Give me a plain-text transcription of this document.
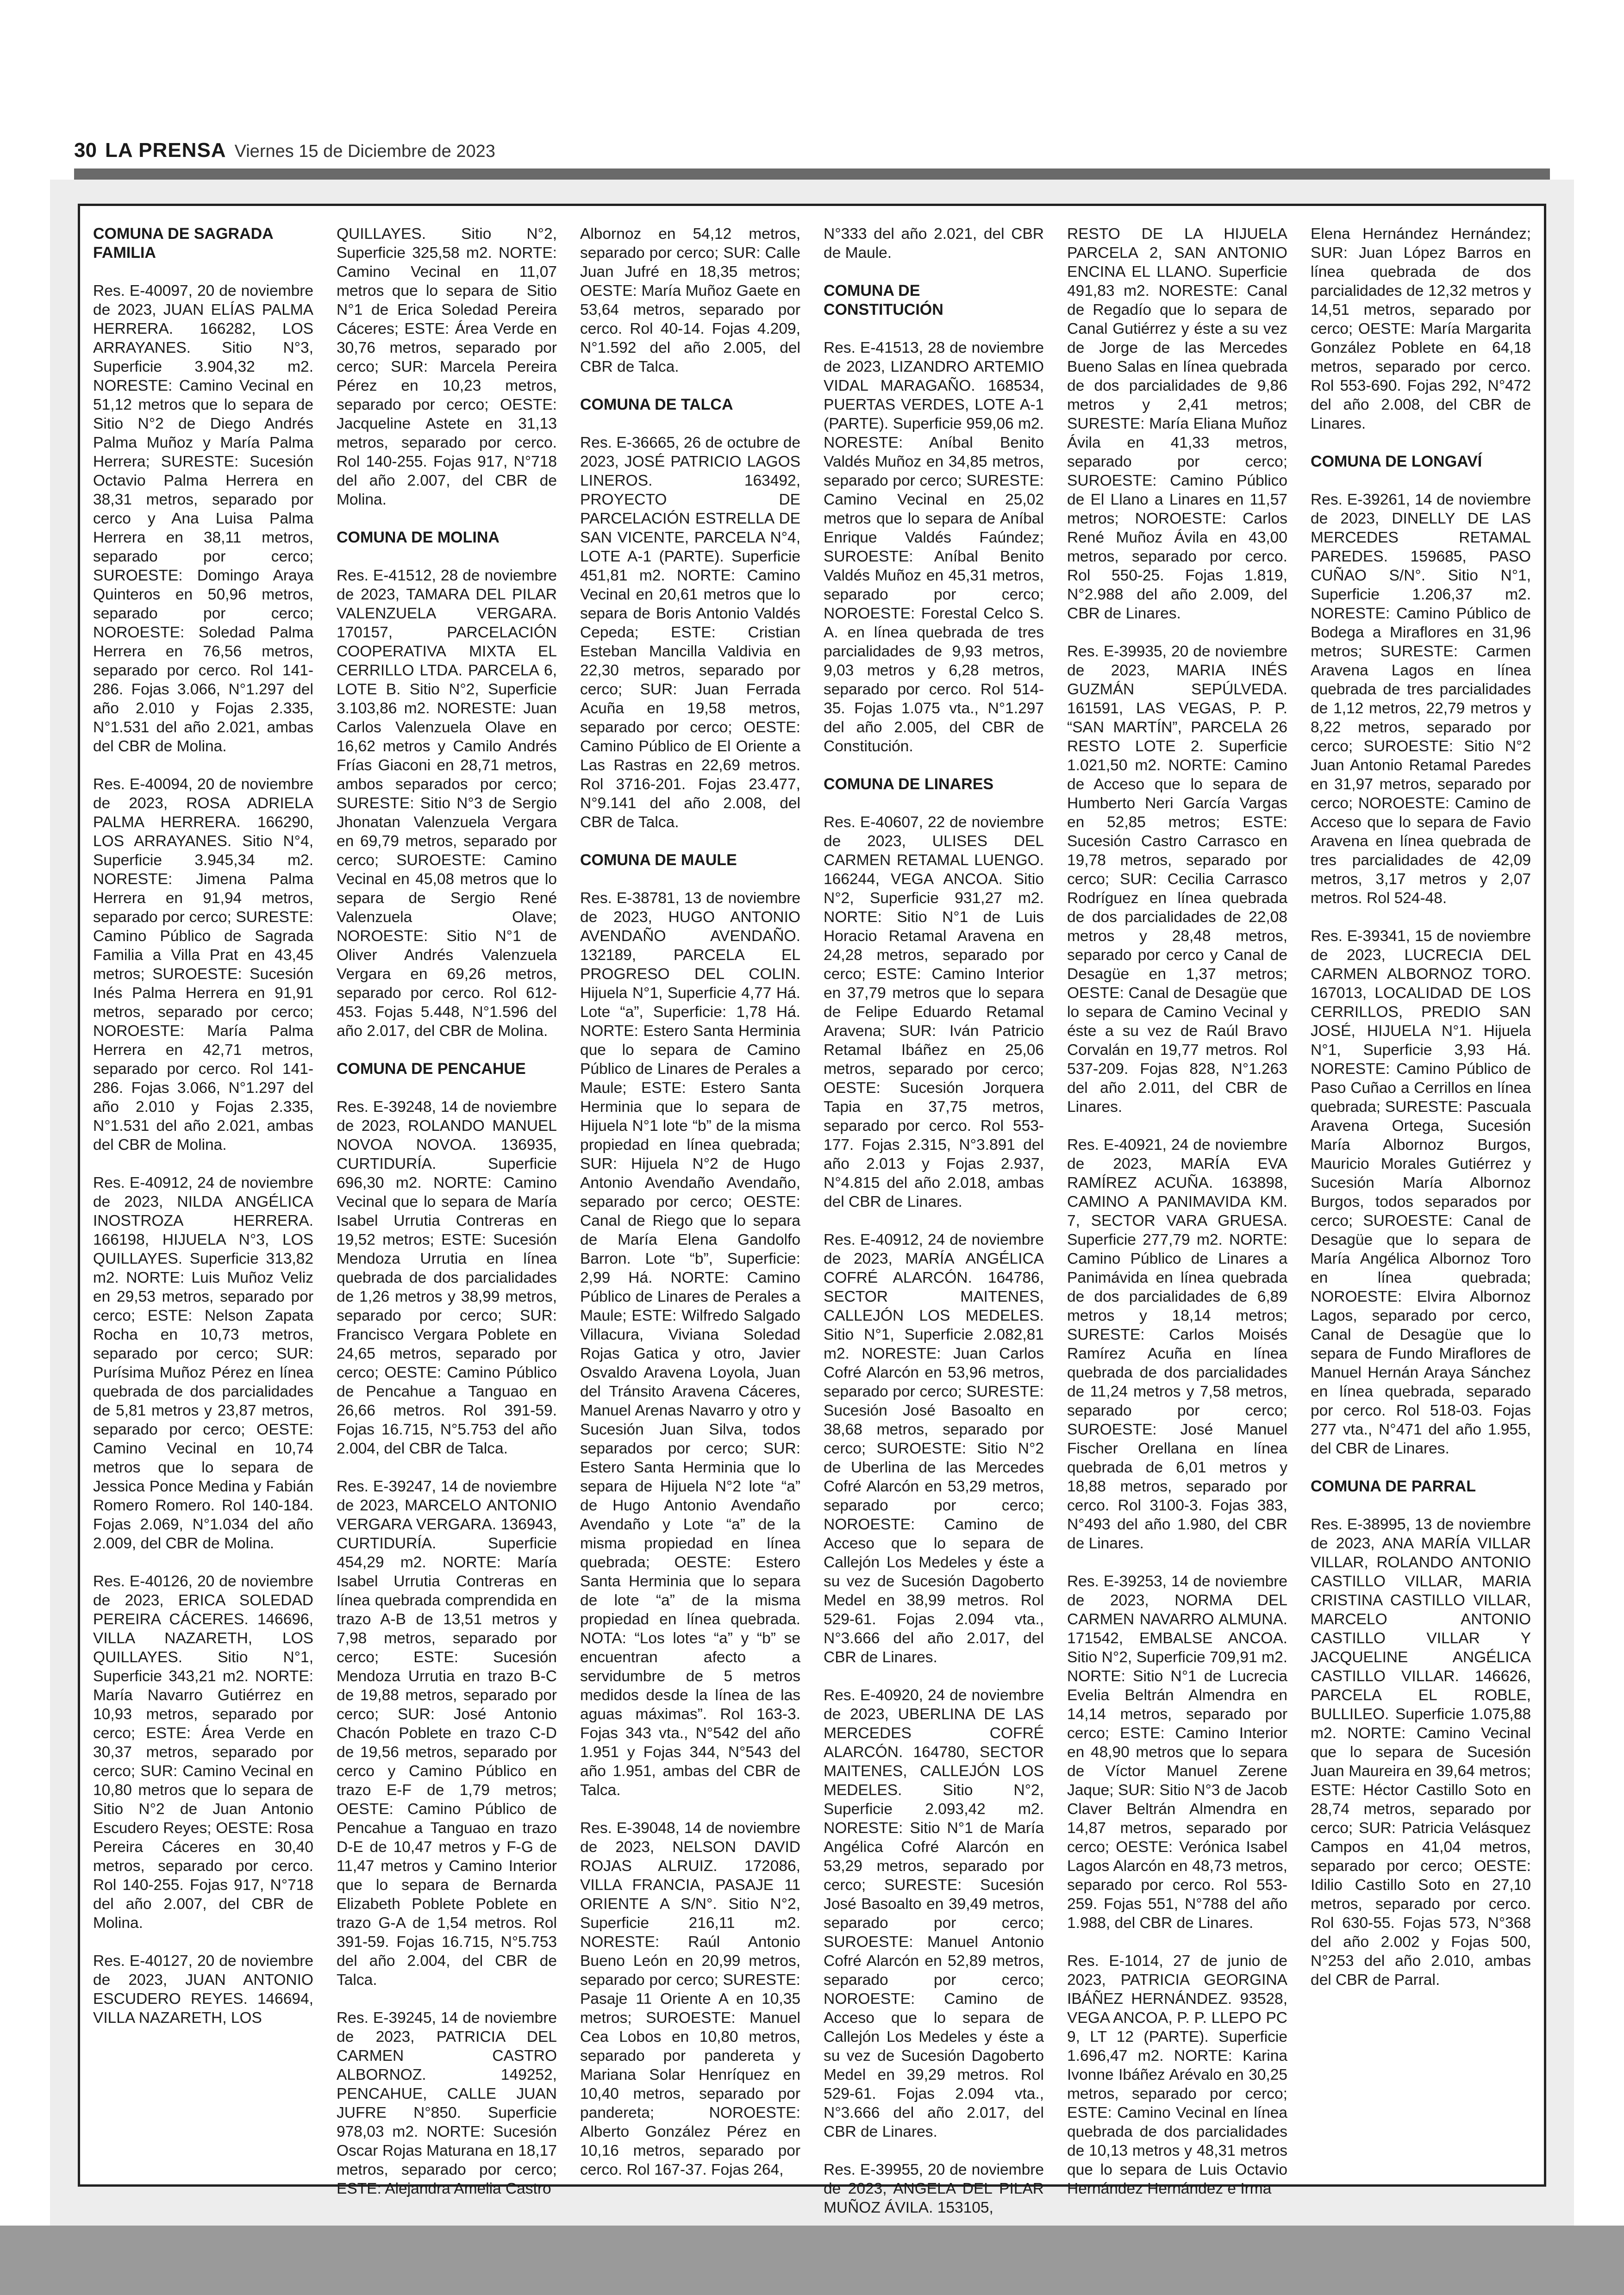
30 LA PRENSA Viernes 15 de Diciembre de 2023
COMUNA DE SAGRADA FAMILIA
Res. E-40097, 20 de noviembre de 2023, JUAN ELÍAS PALMA HERRERA. 166282, LOS ARRAYANES. Sitio N°3, Superficie 3.904,32 m2. NORESTE: Camino Vecinal en 51,12 metros que lo separa de Sitio N°2 de Diego Andrés Palma Muñoz y María Palma Herrera; SURESTE: Sucesión Octavio Palma Herrera en 38,31 metros, separado por cerco y Ana Luisa Palma Herrera en 38,11 metros, separado por cerco; SUROESTE: Domingo Araya Quinteros en 50,96 metros, separado por cerco; NOROESTE: Soledad Palma Herrera en 76,56 metros, separado por cerco. Rol 141-286. Fojas 3.066, N°1.297 del año 2.010 y Fojas 2.335, N°1.531 del año 2.021, ambas del CBR de Molina.
Res. E-40094, 20 de noviembre de 2023, ROSA ADRIELA PALMA HERRERA. 166290, LOS ARRAYANES. Sitio N°4, Superficie 3.945,34 m2. NORESTE: Jimena Palma Herrera en 91,94 metros, separado por cerco; SURESTE: Camino Público de Sagrada Familia a Villa Prat en 43,45 metros; SUROESTE: Sucesión Inés Palma Herrera en 91,91 metros, separado por cerco; NOROESTE: María Palma Herrera en 42,71 metros, separado por cerco. Rol 141-286. Fojas 3.066, N°1.297 del año 2.010 y Fojas 2.335, N°1.531 del año 2.021, ambas del CBR de Molina.
Res. E-40912, 24 de noviembre de 2023, NILDA ANGÉLICA INOSTROZA HERRERA. 166198, HIJUELA N°3, LOS QUILLAYES. Superficie 313,82 m2. NORTE: Luis Muñoz Veliz en 29,53 metros, separado por cerco; ESTE: Nelson Zapata Rocha en 10,73 metros, separado por cerco; SUR: Purísima Muñoz Pérez en línea quebrada de dos parcialidades de 5,81 metros y 23,87 metros, separado por cerco; OESTE: Camino Vecinal en 10,74 metros que lo separa de Jessica Ponce Medina y Fabián Romero Romero. Rol 140-184. Fojas 2.069, N°1.034 del año 2.009, del CBR de Molina.
Res. E-40126, 20 de noviembre de 2023, ERICA SOLEDAD PEREIRA CÁCERES. 146696, VILLA NAZARETH, LOS QUILLAYES. Sitio N°1, Superficie 343,21 m2. NORTE: María Navarro Gutiérrez en 10,93 metros, separado por cerco; ESTE: Área Verde en 30,37 metros, separado por cerco; SUR: Camino Vecinal en 10,80 metros que lo separa de Sitio N°2 de Juan Antonio Escudero Reyes; OESTE: Rosa Pereira Cáceres en 30,40 metros, separado por cerco. Rol 140-255. Fojas 917, N°718 del año 2.007, del CBR de Molina.
Res. E-40127, 20 de noviembre de 2023, JUAN ANTONIO ESCUDERO REYES. 146694, VILLA NAZARETH, LOS
QUILLAYES. Sitio N°2, Superficie 325,58 m2. NORTE: Camino Vecinal en 11,07 metros que lo separa de Sitio N°1 de Erica Soledad Pereira Cáceres; ESTE: Área Verde en 30,76 metros, separado por cerco; SUR: Marcela Pereira Pérez en 10,23 metros, separado por cerco; OESTE: Jacqueline Astete en 31,13 metros, separado por cerco. Rol 140-255. Fojas 917, N°718 del año 2.007, del CBR de Molina.
COMUNA DE MOLINA
Res. E-41512, 28 de noviembre de 2023, TAMARA DEL PILAR VALENZUELA VERGARA. 170157, PARCELACIÓN COOPERATIVA MIXTA EL CERRILLO LTDA. PARCELA 6, LOTE B. Sitio N°2, Superficie 3.103,86 m2. NORESTE: Juan Carlos Valenzuela Olave en 16,62 metros y Camilo Andrés Frías Giaconi en 28,71 metros, ambos separados por cerco; SURESTE: Sitio N°3 de Sergio Jhonatan Valenzuela Vergara en 69,79 metros, separado por cerco; SUROESTE: Camino Vecinal en 45,08 metros que lo separa de Sergio René Valenzuela Olave; NOROESTE: Sitio N°1 de Oliver Andrés Valenzuela Vergara en 69,26 metros, separado por cerco. Rol 612-453. Fojas 5.448, N°1.596 del año 2.017, del CBR de Molina.
COMUNA DE PENCAHUE
Res. E-39248, 14 de noviembre de 2023, ROLANDO MANUEL NOVOA NOVOA. 136935, CURTIDURÍA. Superficie 696,30 m2. NORTE: Camino Vecinal que lo separa de María Isabel Urrutia Contreras en 19,52 metros; ESTE: Sucesión Mendoza Urrutia en línea quebrada de dos parcialidades de 1,26 metros y 38,99 metros, separado por cerco; SUR: Francisco Vergara Poblete en 24,65 metros, separado por cerco; OESTE: Camino Público de Pencahue a Tanguao en 26,66 metros. Rol 391-59. Fojas 16.715, N°5.753 del año 2.004, del CBR de Talca.
Res. E-39247, 14 de noviembre de 2023, MARCELO ANTONIO VERGARA VERGARA. 136943, CURTIDURÍA. Superficie 454,29 m2. NORTE: María Isabel Urrutia Contreras en línea quebrada comprendida en trazo A-B de 13,51 metros y 7,98 metros, separado por cerco; ESTE: Sucesión Mendoza Urrutia en trazo B-C de 19,88 metros, separado por cerco; SUR: José Antonio Chacón Poblete en trazo C-D de 19,56 metros, separado por cerco y Camino Público en trazo E-F de 1,79 metros; OESTE: Camino Público de Pencahue a Tanguao en trazo D-E de 10,47 metros y F-G de 11,47 metros y Camino Interior que lo separa de Bernarda Elizabeth Poblete Poblete en trazo G-A de 1,54 metros. Rol 391-59. Fojas 16.715, N°5.753 del año 2.004, del CBR de Talca.
Res. E-39245, 14 de noviembre de 2023, PATRICIA DEL CARMEN CASTRO ALBORNOZ. 149252, PENCAHUE, CALLE JUAN JUFRE N°850. Superficie 978,03 m2. NORTE: Sucesión Oscar Rojas Maturana en 18,17 metros, separado por cerco; ESTE: Alejandra Amelia Castro
Albornoz en 54,12 metros, separado por cerco; SUR: Calle Juan Jufré en 18,35 metros; OESTE: María Muñoz Gaete en 53,64 metros, separado por cerco. Rol 40-14. Fojas 4.209, N°1.592 del año 2.005, del CBR de Talca.
COMUNA DE TALCA
Res. E-36665, 26 de octubre de 2023, JOSÉ PATRICIO LAGOS LINEROS. 163492, PROYECTO DE PARCELACIÓN ESTRELLA DE SAN VICENTE, PARCELA N°4, LOTE A-1 (PARTE). Superficie 451,81 m2. NORTE: Camino Vecinal en 20,61 metros que lo separa de Boris Antonio Valdés Cepeda; ESTE: Cristian Esteban Mancilla Valdivia en 22,30 metros, separado por cerco; SUR: Juan Ferrada Acuña en 19,58 metros, separado por cerco; OESTE: Camino Público de El Oriente a Las Rastras en 22,69 metros. Rol 3716-201. Fojas 23.477, N°9.141 del año 2.008, del CBR de Talca.
COMUNA DE MAULE
Res. E-38781, 13 de noviembre de 2023, HUGO ANTONIO AVENDAÑO AVENDAÑO. 132189, PARCELA EL PROGRESO DEL COLIN. Hijuela N°1, Superficie 4,77 Há. Lote “a”, Superficie: 1,78 Há. NORTE: Estero Santa Herminia que lo separa de Camino Público de Linares de Perales a Maule; ESTE: Estero Santa Herminia que lo separa de Hijuela N°1 lote “b” de la misma propiedad en línea quebrada; SUR: Hijuela N°2 de Hugo Antonio Avendaño Avendaño, separado por cerco; OESTE: Canal de Riego que lo separa de María Elena Gandolfo Barron. Lote “b”, Superficie: 2,99 Há. NORTE: Camino Público de Linares de Perales a Maule; ESTE: Wilfredo Salgado Villacura, Viviana Soledad Rojas Gatica y otro, Javier Osvaldo Aravena Loyola, Juan del Tránsito Aravena Cáceres, Manuel Arenas Navarro y otro y Sucesión Juan Silva, todos separados por cerco; SUR: Estero Santa Herminia que lo separa de Hijuela N°2 lote “a” de Hugo Antonio Avendaño Avendaño y Lote “a” de la misma propiedad en línea quebrada; OESTE: Estero Santa Herminia que lo separa de lote “a” de la misma propiedad en línea quebrada. NOTA: “Los lotes “a” y “b” se encuentran afecto a servidumbre de 5 metros medidos desde la línea de las aguas máximas”. Rol 163-3. Fojas 343 vta., N°542 del año 1.951 y Fojas 344, N°543 del año 1.951, ambas del CBR de Talca.
Res. E-39048, 14 de noviembre de 2023, NELSON DAVID ROJAS ALRUIZ. 172086, VILLA FRANCIA, PASAJE 11 ORIENTE A S/N°. Sitio N°2, Superficie 216,11 m2. NORESTE: Raúl Antonio Bueno León en 20,99 metros, separado por cerco; SURESTE: Pasaje 11 Oriente A en 10,35 metros; SUROESTE: Manuel Cea Lobos en 10,80 metros, separado por pandereta y Mariana Solar Henríquez en 10,40 metros, separado por pandereta; NOROESTE: Alberto González Pérez en 10,16 metros, separado por cerco. Rol 167-37. Fojas 264,
N°333 del año 2.021, del CBR de Maule.
COMUNA DE CONSTITUCIÓN
Res. E-41513, 28 de noviembre de 2023, LIZANDRO ARTEMIO VIDAL MARAGAÑO. 168534, PUERTAS VERDES, LOTE A-1 (PARTE). Superficie 959,06 m2. NORESTE: Aníbal Benito Valdés Muñoz en 34,85 metros, separado por cerco; SURESTE: Camino Vecinal en 25,02 metros que lo separa de Aníbal Enrique Valdés Faúndez; SUROESTE: Aníbal Benito Valdés Muñoz en 45,31 metros, separado por cerco; NOROESTE: Forestal Celco S. A. en línea quebrada de tres parcialidades de 9,93 metros, 9,03 metros y 6,28 metros, separado por cerco. Rol 514-35. Fojas 1.075 vta., N°1.297 del año 2.005, del CBR de Constitución.
COMUNA DE LINARES
Res. E-40607, 22 de noviembre de 2023, ULISES DEL CARMEN RETAMAL LUENGO. 166244, VEGA ANCOA. Sitio N°2, Superficie 931,27 m2. NORTE: Sitio N°1 de Luis Horacio Retamal Aravena en 24,28 metros, separado por cerco; ESTE: Camino Interior en 37,79 metros que lo separa de Felipe Eduardo Retamal Aravena; SUR: Iván Patricio Retamal Ibáñez en 25,06 metros, separado por cerco; OESTE: Sucesión Jorquera Tapia en 37,75 metros, separado por cerco. Rol 553-177. Fojas 2.315, N°3.891 del año 2.013 y Fojas 2.937, N°4.815 del año 2.018, ambas del CBR de Linares.
Res. E-40912, 24 de noviembre de 2023, MARÍA ANGÉLICA COFRÉ ALARCÓN. 164786, SECTOR MAITENES, CALLEJÓN LOS MEDELES. Sitio N°1, Superficie 2.082,81 m2. NORESTE: Juan Carlos Cofré Alarcón en 53,96 metros, separado por cerco; SURESTE: Sucesión José Basoalto en 38,68 metros, separado por cerco; SUROESTE: Sitio N°2 de Uberlina de las Mercedes Cofré Alarcón en 53,29 metros, separado por cerco; NOROESTE: Camino de Acceso que lo separa de Callejón Los Medeles y éste a su vez de Sucesión Dagoberto Medel en 38,99 metros. Rol 529-61. Fojas 2.094 vta., N°3.666 del año 2.017, del CBR de Linares.
Res. E-40920, 24 de noviembre de 2023, UBERLINA DE LAS MERCEDES COFRÉ ALARCÓN. 164780, SECTOR MAITENES, CALLEJÓN LOS MEDELES. Sitio N°2, Superficie 2.093,42 m2. NORESTE: Sitio N°1 de María Angélica Cofré Alarcón en 53,29 metros, separado por cerco; SURESTE: Sucesión José Basoalto en 39,49 metros, separado por cerco; SUROESTE: Manuel Antonio Cofré Alarcón en 52,89 metros, separado por cerco; NOROESTE: Camino de Acceso que lo separa de Callejón Los Medeles y éste a su vez de Sucesión Dagoberto Medel en 39,29 metros. Rol 529-61. Fojas 2.094 vta., N°3.666 del año 2.017, del CBR de Linares.
Res. E-39955, 20 de noviembre de 2023, ANGELA DEL PILAR MUÑOZ ÁVILA. 153105,
RESTO DE LA HIJUELA PARCELA 2, SAN ANTONIO ENCINA EL LLANO. Superficie 491,83 m2. NORESTE: Canal de Regadío que lo separa de Canal Gutiérrez y éste a su vez de Jorge de las Mercedes Bueno Salas en línea quebrada de dos parcialidades de 9,86 metros y 2,41 metros; SURESTE: María Eliana Muñoz Ávila en 41,33 metros, separado por cerco; SUROESTE: Camino Público de El Llano a Linares en 11,57 metros; NOROESTE: Carlos René Muñoz Ávila en 43,00 metros, separado por cerco. Rol 550-25. Fojas 1.819, N°2.988 del año 2.009, del CBR de Linares.
Res. E-39935, 20 de noviembre de 2023, MARIA INÉS GUZMÁN SEPÚLVEDA. 161591, LAS VEGAS, P. P. “SAN MARTÍN”, PARCELA 26 RESTO LOTE 2. Superficie 1.021,50 m2. NORTE: Camino de Acceso que lo separa de Humberto Neri García Vargas en 52,85 metros; ESTE: Sucesión Castro Carrasco en 19,78 metros, separado por cerco; SUR: Cecilia Carrasco Rodríguez en línea quebrada de dos parcialidades de 22,08 metros y 28,48 metros, separado por cerco y Canal de Desagüe en 1,37 metros; OESTE: Canal de Desagüe que lo separa de Camino Vecinal y éste a su vez de Raúl Bravo Corvalán en 19,77 metros. Rol 537-209. Fojas 828, N°1.263 del año 2.011, del CBR de Linares.
Res. E-40921, 24 de noviembre de 2023, MARÍA EVA RAMÍREZ ACUÑA. 163898, CAMINO A PANIMAVIDA KM. 7, SECTOR VARA GRUESA. Superficie 277,79 m2. NORTE: Camino Público de Linares a Panimávida en línea quebrada de dos parcialidades de 6,89 metros y 18,14 metros; SURESTE: Carlos Moisés Ramírez Acuña en línea quebrada de dos parcialidades de 11,24 metros y 7,58 metros, separado por cerco; SUROESTE: José Manuel Fischer Orellana en línea quebrada de 6,01 metros y 18,88 metros, separado por cerco. Rol 3100-3. Fojas 383, N°493 del año 1.980, del CBR de Linares.
Res. E-39253, 14 de noviembre de 2023, NORMA DEL CARMEN NAVARRO ALMUNA. 171542, EMBALSE ANCOA. Sitio N°2, Superficie 709,91 m2. NORTE: Sitio N°1 de Lucrecia Evelia Beltrán Almendra en 14,14 metros, separado por cerco; ESTE: Camino Interior en 48,90 metros que lo separa de Víctor Manuel Zerene Jaque; SUR: Sitio N°3 de Jacob Claver Beltrán Almendra en 14,87 metros, separado por cerco; OESTE: Verónica Isabel Lagos Alarcón en 48,73 metros, separado por cerco. Rol 553-259. Fojas 551, N°788 del año 1.988, del CBR de Linares.
Res. E-1014, 27 de junio de 2023, PATRICIA GEORGINA IBÁÑEZ HERNÁNDEZ. 93528, VEGA ANCOA, P. P. LLEPO PC 9, LT 12 (PARTE). Superficie 1.696,47 m2. NORTE: Karina Ivonne Ibáñez Arévalo en 30,25 metros, separado por cerco; ESTE: Camino Vecinal en línea quebrada de dos parcialidades de 10,13 metros y 48,31 metros que lo separa de Luis Octavio Hernández Hernández e Irma
Elena Hernández Hernández; SUR: Juan López Barros en línea quebrada de dos parcialidades de 12,32 metros y 14,51 metros, separado por cerco; OESTE: María Margarita González Poblete en 64,18 metros, separado por cerco. Rol 553-690. Fojas 292, N°472 del año 2.008, del CBR de Linares.
COMUNA DE LONGAVÍ
Res. E-39261, 14 de noviembre de 2023, DINELLY DE LAS MERCEDES RETAMAL PAREDES. 159685, PASO CUÑAO S/N°. Sitio N°1, Superficie 1.206,37 m2. NORESTE: Camino Público de Bodega a Miraflores en 31,96 metros; SURESTE: Carmen Aravena Lagos en línea quebrada de tres parcialidades de 1,12 metros, 22,79 metros y 8,22 metros, separado por cerco; SUROESTE: Sitio N°2 Juan Antonio Retamal Paredes en 31,97 metros, separado por cerco; NOROESTE: Camino de Acceso que lo separa de Favio Aravena en línea quebrada de tres parcialidades de 42,09 metros, 3,17 metros y 2,07 metros. Rol 524-48.
Res. E-39341, 15 de noviembre de 2023, LUCRECIA DEL CARMEN ALBORNOZ TORO. 167013, LOCALIDAD DE LOS CERRILLOS, PREDIO SAN JOSÉ, HIJUELA N°1. Hijuela N°1, Superficie 3,93 Há. NORESTE: Camino Público de Paso Cuñao a Cerrillos en línea quebrada; SURESTE: Pascuala Aravena Ortega, Sucesión María Albornoz Burgos, Mauricio Morales Gutiérrez y Sucesión María Albornoz Burgos, todos separados por cerco; SUROESTE: Canal de Desagüe que lo separa de María Angélica Albornoz Toro en línea quebrada; NOROESTE: Elvira Albornoz Lagos, separado por cerco, Canal de Desagüe que lo separa de Fundo Miraflores de Manuel Hernán Araya Sánchez en línea quebrada, separado por cerco. Rol 518-03. Fojas 277 vta., N°471 del año 1.955, del CBR de Linares.
COMUNA DE PARRAL
Res. E-38995, 13 de noviembre de 2023, ANA MARÍA VILLAR VILLAR, ROLANDO ANTONIO CASTILLO VILLAR, MARIA CRISTINA CASTILLO VILLAR, MARCELO ANTONIO CASTILLO VILLAR Y JACQUELINE ANGÉLICA CASTILLO VILLAR. 146626, PARCELA EL ROBLE, BULLILEO. Superficie 1.075,88 m2. NORTE: Camino Vecinal que lo separa de Sucesión Juan Maureira en 39,64 metros; ESTE: Héctor Castillo Soto en 28,74 metros, separado por cerco; SUR: Patricia Velásquez Campos en 41,04 metros, separado por cerco; OESTE: Idilio Castillo Soto en 27,10 metros, separado por cerco. Rol 630-55. Fojas 573, N°368 del año 2.002 y Fojas 500, N°253 del año 2.010, ambas del CBR de Parral.
